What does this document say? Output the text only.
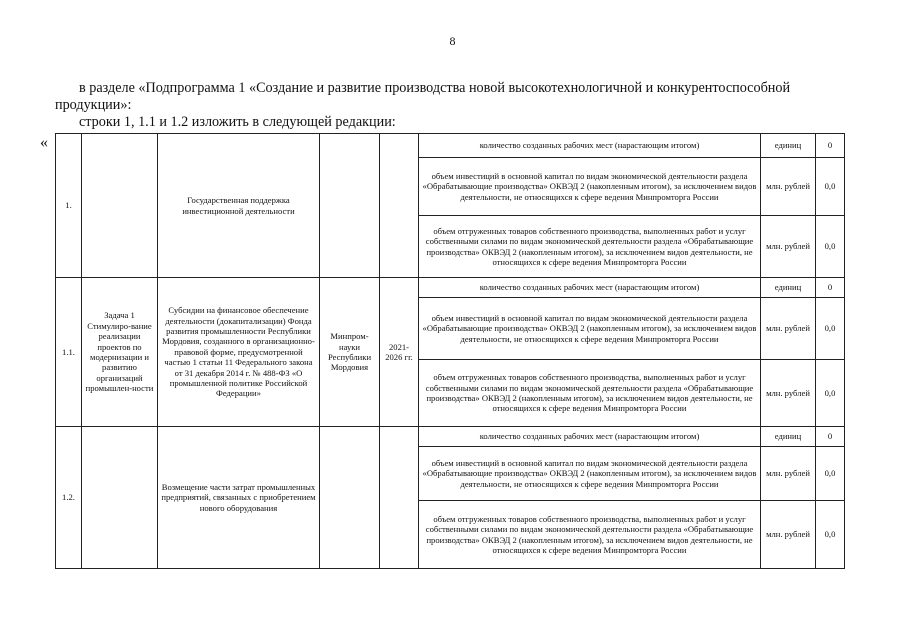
8
в разделе «Подпрограмма 1 «Создание и развитие производства новой высокотехнологичной и конкурентоспособной
продукции»:
строки 1, 1.1 и 1.2 изложить в следующей редакции:
«
1.		Государственная поддержка инвестиционной деятельности			количество созданных рабочих мест (нарастающим итогом)	единиц	0
					объем инвестиций в основной капитал по видам экономической деятельности раздела «Обрабатывающие производства» ОКВЭД 2 (накопленным итогом), за исключением видов деятельности, не относящихся к сфере ведения Минпромторга России	млн. рублей	0,0
					объем отгруженных товаров собственного производства, выполненных работ и услуг собственными силами по видам экономической деятельности раздела «Обрабатывающие производства» ОКВЭД 2 (накопленным итогом), за исключением видов деятельности, не относящихся к сфере ведения Минпромторга России	млн. рублей	0,0
1.1.	Задача 1 Стимулиро-вание реализации проектов по модернизации и развитию организаций промышлен-ности	Субсидии на финансовое обеспечение деятельности (докапитализации) Фонда развития промышленности Республики Мордовия, созданного в организационно-правовой форме, предусмотренной частью 1 статьи 11 Федерального закона от 31 декабря 2014 г. № 488-ФЗ «О промышленной политике Российской Федерации»	Минпром-науки Республики Мордовия	2021-2026 гг.	количество созданных рабочих мест (нарастающим итогом)	единиц	0
					объем инвестиций в основной капитал по видам экономической деятельности раздела «Обрабатывающие производства» ОКВЭД 2 (накопленным итогом), за исключением видов деятельности, не относящихся к сфере ведения Минпромторга России	млн. рублей	0,0
					объем отгруженных товаров собственного производства, выполненных работ и услуг собственными силами по видам экономической деятельности раздела «Обрабатывающие производства» ОКВЭД 2 (накопленным итогом), за исключением видов деятельности, не относящихся к сфере ведения Минпромторга России	млн. рублей	0,0
1.2.		Возмещение части затрат промышленных предприятий, связанных с приобретением нового оборудования			количество созданных рабочих мест (нарастающим итогом)	единиц	0
					объем инвестиций в основной капитал по видам экономической деятельности раздела «Обрабатывающие производства» ОКВЭД 2 (накопленным итогом), за исключением видов деятельности, не относящихся к сфере ведения Минпромторга России	млн. рублей	0,0
					объем отгруженных товаров собственного производства, выполненных работ и услуг собственными силами по видам экономической деятельности раздела «Обрабатывающие производства» ОКВЭД 2 (накопленным итогом), за исключением видов деятельности, не относящихся к сфере ведения Минпромторга России	млн. рублей	0,0
